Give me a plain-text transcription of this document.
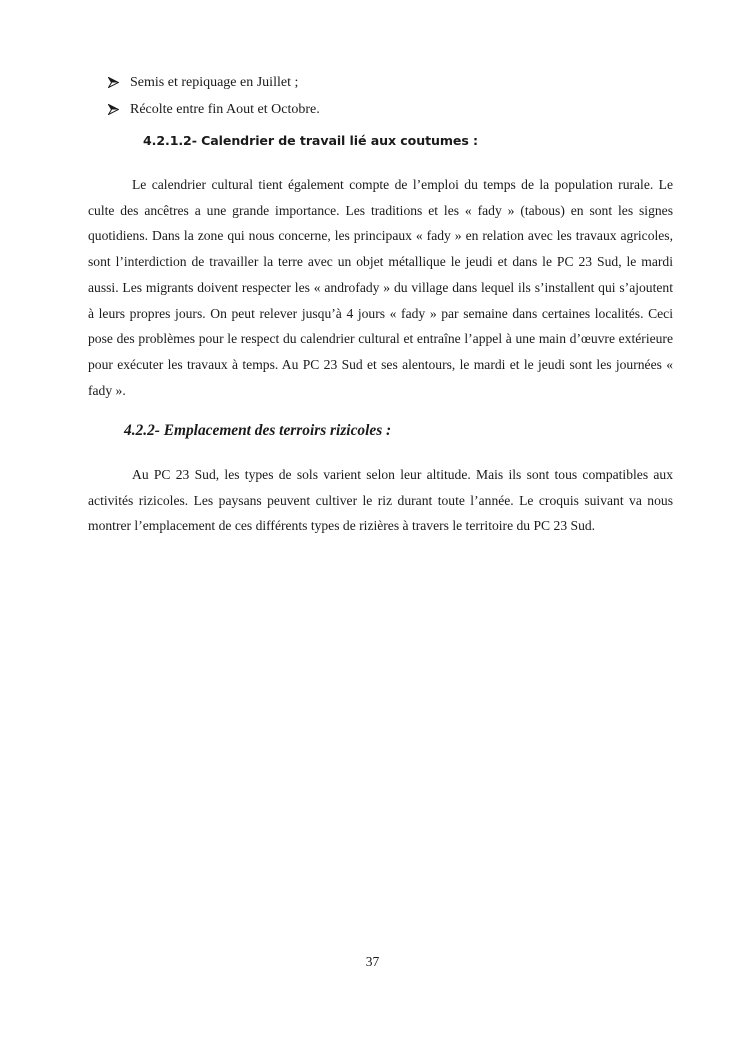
Semis et repiquage en Juillet ;
Récolte entre fin Aout et Octobre.
4.2.1.2- Calendrier de travail lié aux coutumes :

Le calendrier cultural tient également compte de l’emploi du temps de la population rurale. Le culte des ancêtres a une grande importance. Les traditions et les « fady » (tabous) en sont les signes quotidiens. Dans la zone qui nous concerne, les principaux « fady » en relation avec les travaux agricoles, sont l’interdiction de travailler la terre avec un objet métallique le jeudi et dans le PC 23 Sud, le mardi aussi. Les migrants doivent respecter les « androfady » du village dans lequel ils s’installent qui s’ajoutent à leurs propres jours. On peut relever jusqu’à 4 jours « fady » par semaine dans certaines localités. Ceci pose des problèmes pour le respect du calendrier cultural et entraîne l’appel à une main d’œuvre extérieure pour exécuter les travaux à temps. Au PC 23 Sud et ses alentours, le mardi et le jeudi sont les journées « fady ».

4.2.2- Emplacement des terroirs rizicoles :

Au PC 23 Sud, les types de sols varient selon leur altitude. Mais ils sont tous compatibles aux activités rizicoles. Les paysans peuvent cultiver le riz durant toute l’année. Le croquis suivant va nous montrer l’emplacement de ces différents types de rizières à travers le territoire du PC 23 Sud.

37
